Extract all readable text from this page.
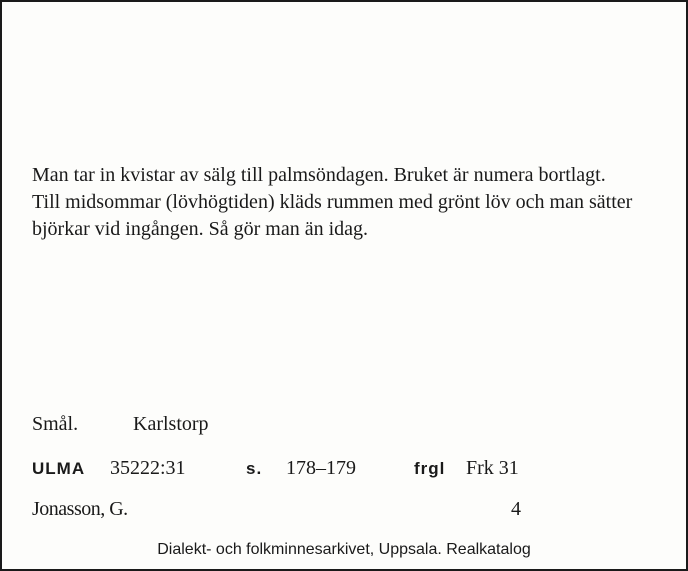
Man tar in kvistar av sälg till palmsöndagen. Bruket är numera bortlagt.

Till midsommar (lövhögtiden) kläds rummen med grönt löv och man sätter björkar vid ingången. Så gör man än idag.

Smål.	Karlstorp
ULMA 35222:31	s. 178–179	frgl Frk 31
Jonasson, G.	4
Dialekt- och folkminnesarkivet, Uppsala. Realkatalog
